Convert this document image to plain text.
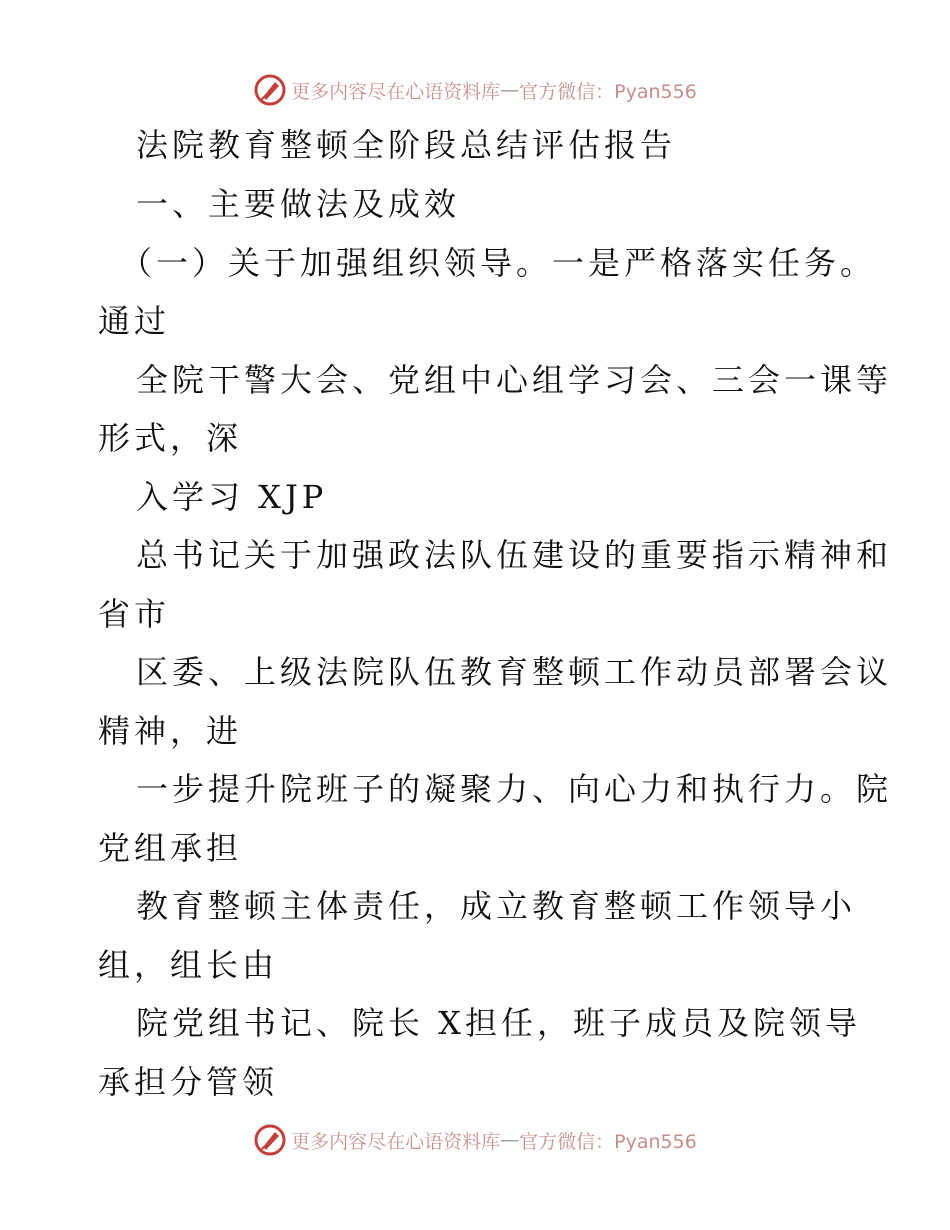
更多内容尽在心语资料库 — 官方微信：Pyan556
法院教育整顿全阶段总结评估报告
一、主要做法及成效
（一）关于加强组织领导。一是严格落实任务。
通过
全院干警大会、党组中心组学习会、三会一课等
形式，深
入学习 XJP
总书记关于加强政法队伍建设的重要指示精神和
省市
区委、上级法院队伍教育整顿工作动员部署会议
精神，进
一步提升院班子的凝聚力、向心力和执行力。院
党组承担
教育整顿主体责任，成立教育整顿工作领导小
组，组长由
院党组书记、院长 X担任，班子成员及院领导
承担分管领
更多内容尽在心语资料库 — 官方微信：Pyan556
